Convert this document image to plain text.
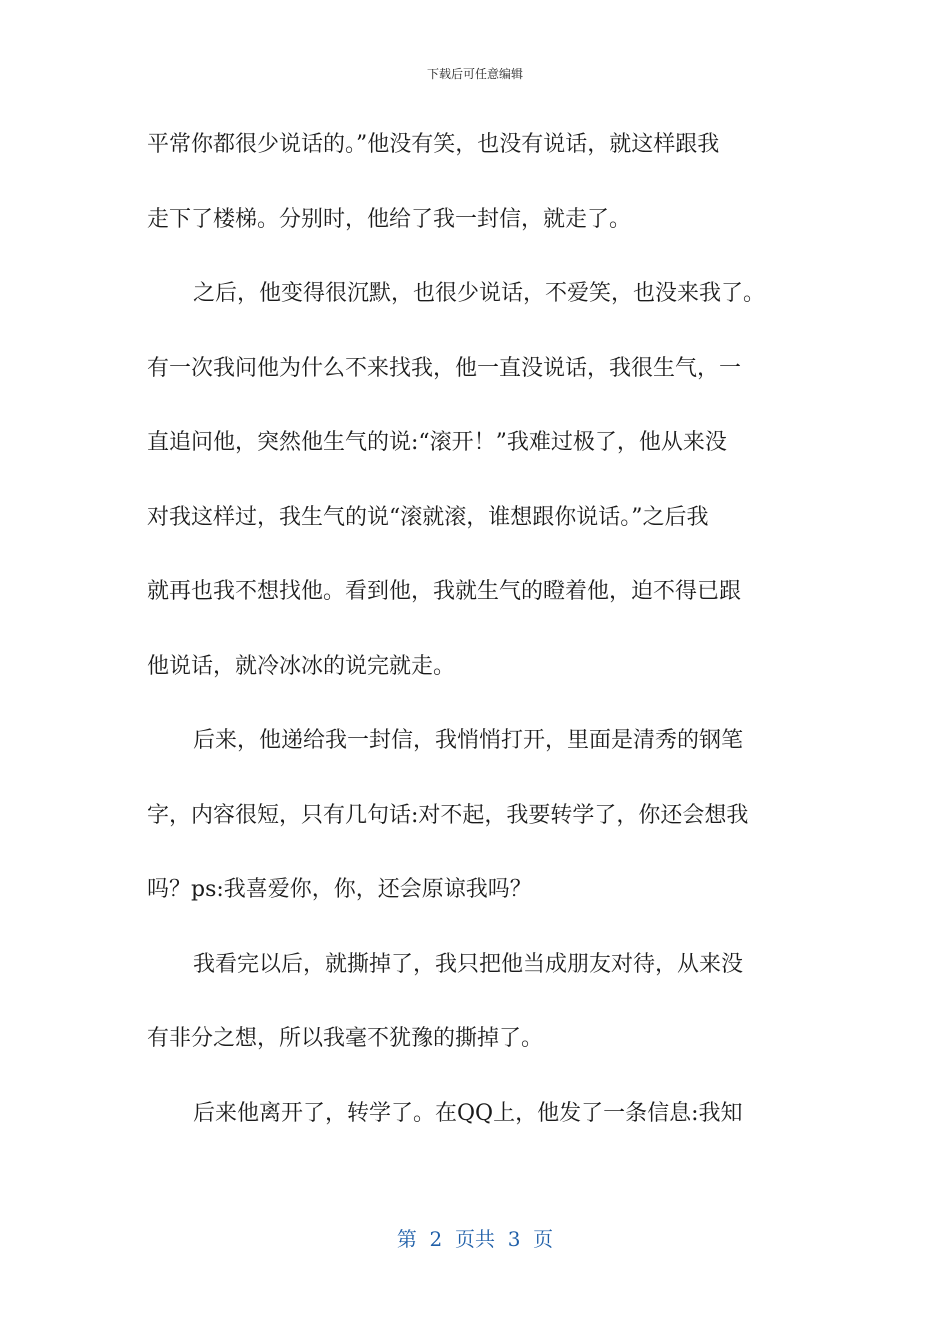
下载后可任意编辑
平常你都很少说话的。”他没有笑，也没有说话，就这样跟我
走下了楼梯。分别时，他给了我一封信，就走了。
之后，他变得很沉默，也很少说话，不爱笑，也没来我了。
有一次我问他为什么不来找我，他一直没说话，我很生气，一
直追问他，突然他生气的说:“滚开！”我难过极了，他从来没
对我这样过，我生气的说“滚就滚，谁想跟你说话。”之后我
就再也我不想找他。看到他，我就生气的瞪着他，迫不得已跟
他说话，就冷冰冰的说完就走。
后来，他递给我一封信，我悄悄打开，里面是清秀的钢笔
字，内容很短，只有几句话:对不起，我要转学了，你还会想我
吗？ps:我喜爱你，你，还会原谅我吗？
我看完以后，就撕掉了，我只把他当成朋友对待，从来没
有非分之想，所以我毫不犹豫的撕掉了。
后来他离开了，转学了。在QQ上，他发了一条信息:我知
第  2  页共  3  页
